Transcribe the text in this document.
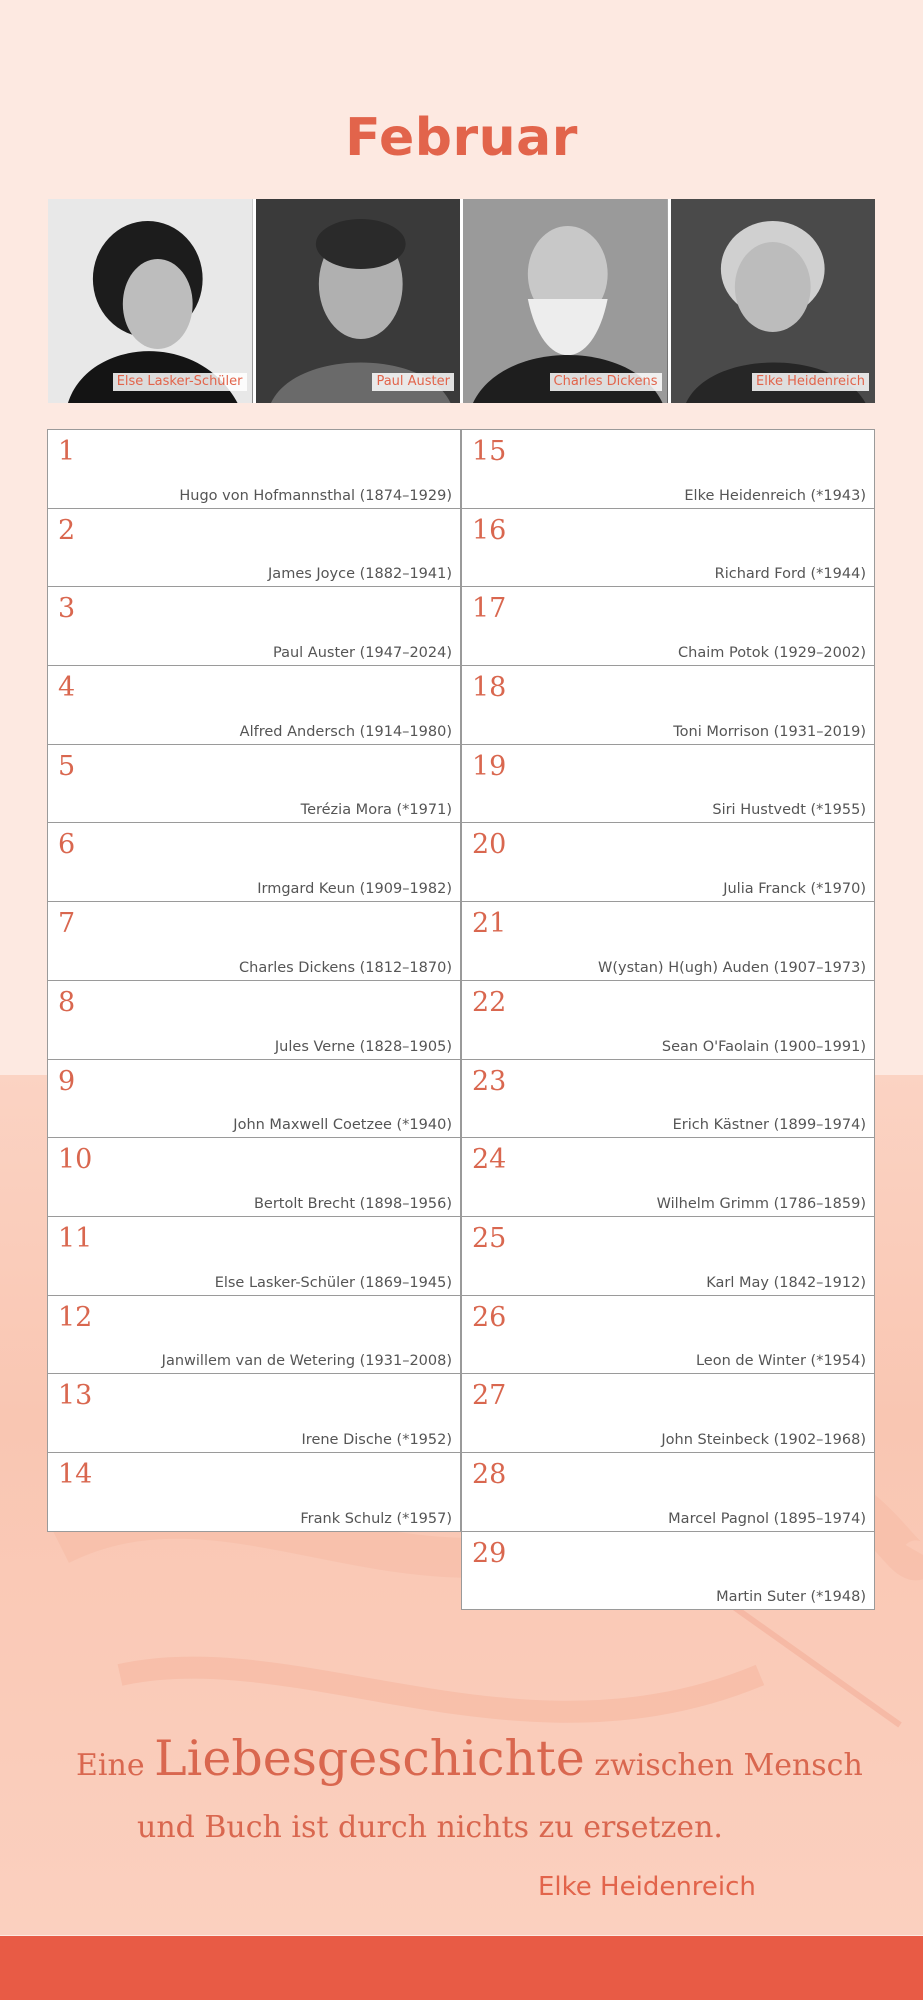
Februar
Else Lasker-Schüler	Paul Auster	Charles Dickens	Elke Heidenreich
1
Hugo von Hofmannsthal (1874–1929)
2
James Joyce (1882–1941)
3
Paul Auster (1947–2024)
4
Alfred Andersch (1914–1980)
5
Terézia Mora (*1971)
6
Irmgard Keun (1909–1982)
7
Charles Dickens (1812–1870)
8
Jules Verne (1828–1905)
9
John Maxwell Coetzee (*1940)
10
Bertolt Brecht (1898–1956)
11
Else Lasker-Schüler (1869–1945)
12
Janwillem van de Wetering (1931–2008)
13
Irene Dische (*1952)
14
Frank Schulz (*1957)
15
Elke Heidenreich (*1943)
16
Richard Ford (*1944)
17
Chaim Potok (1929–2002)
18
Toni Morrison (1931–2019)
19
Siri Hustvedt (*1955)
20
Julia Franck (*1970)
21
W(ystan) H(ugh) Auden (1907–1973)
22
Sean O'Faolain (1900–1991)
23
Erich Kästner (1899–1974)
24
Wilhelm Grimm (1786–1859)
25
Karl May (1842–1912)
26
Leon de Winter (*1954)
27
John Steinbeck (1902–1968)
28
Marcel Pagnol (1895–1974)
29
Martin Suter (*1948)
Eine Liebesgeschichte zwischen Mensch
und Buch ist durch nichts zu ersetzen.
Elke Heidenreich
